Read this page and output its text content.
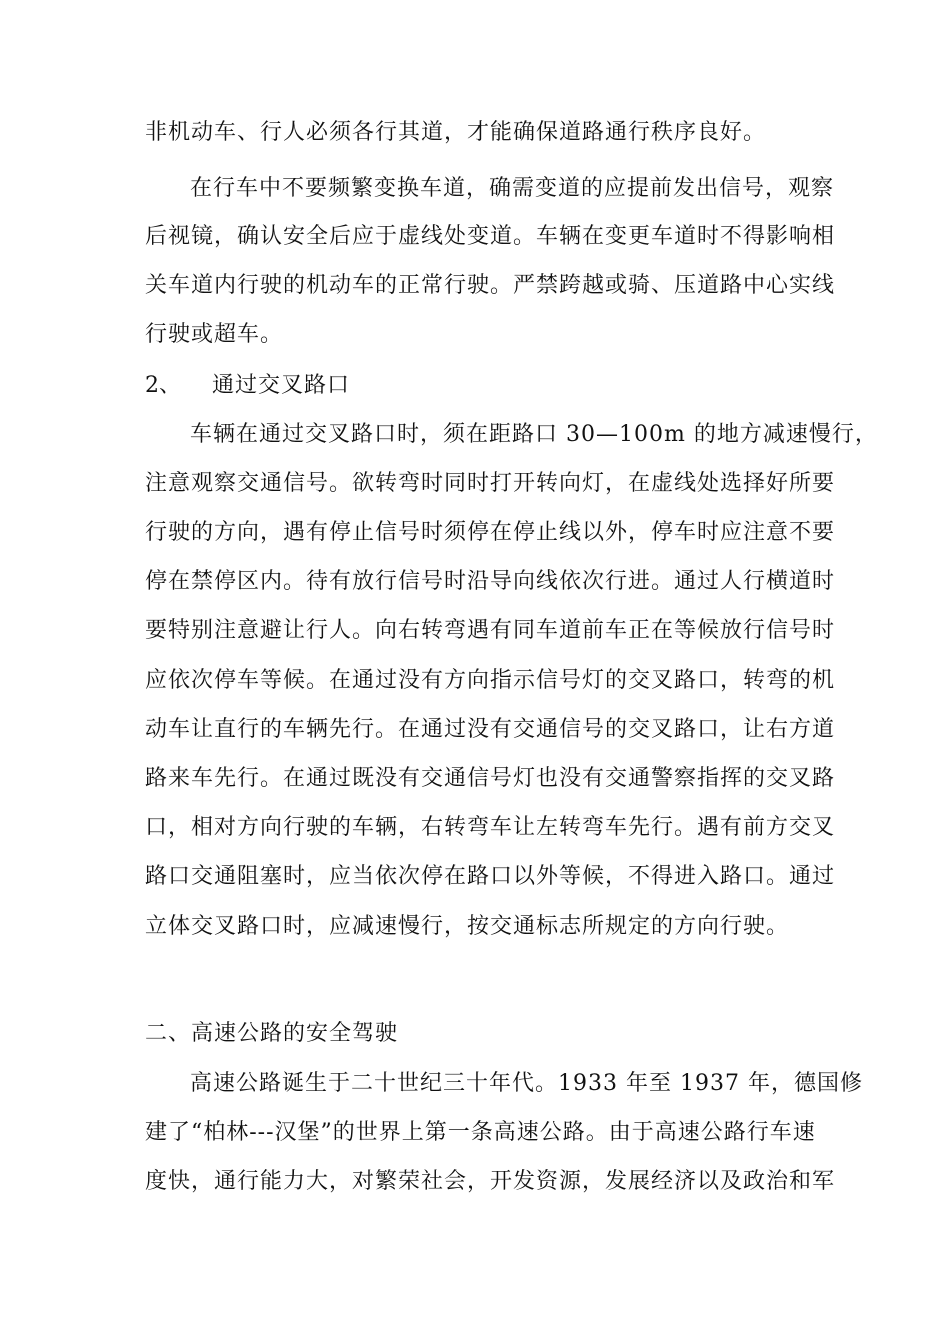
非机动车、行人必须各行其道，才能确保道路通行秩序良好。
在行车中不要频繁变换车道，确需变道的应提前发出信号，观察
后视镜，确认安全后应于虚线处变道。车辆在变更车道时不得影响相
关车道内行驶的机动车的正常行驶。严禁跨越或骑、压道路中心实线
行驶或超车。
2、 通过交叉路口
车辆在通过交叉路口时，须在距路口 30—100m 的地方减速慢行，
注意观察交通信号。欲转弯时同时打开转向灯，在虚线处选择好所要
行驶的方向，遇有停止信号时须停在停止线以外，停车时应注意不要
停在禁停区内。待有放行信号时沿导向线依次行进。通过人行横道时
要特别注意避让行人。向右转弯遇有同车道前车正在等候放行信号时
应依次停车等候。在通过没有方向指示信号灯的交叉路口，转弯的机
动车让直行的车辆先行。在通过没有交通信号的交叉路口，让右方道
路来车先行。在通过既没有交通信号灯也没有交通警察指挥的交叉路
口，相对方向行驶的车辆，右转弯车让左转弯车先行。遇有前方交叉
路口交通阻塞时，应当依次停在路口以外等候，不得进入路口。通过
立体交叉路口时，应减速慢行，按交通标志所规定的方向行驶。
二、高速公路的安全驾驶
高速公路诞生于二十世纪三十年代。1933 年至 1937 年，德国修
建了“柏林---汉堡”的世界上第一条高速公路。由于高速公路行车速
度快，通行能力大，对繁荣社会，开发资源，发展经济以及政治和军
